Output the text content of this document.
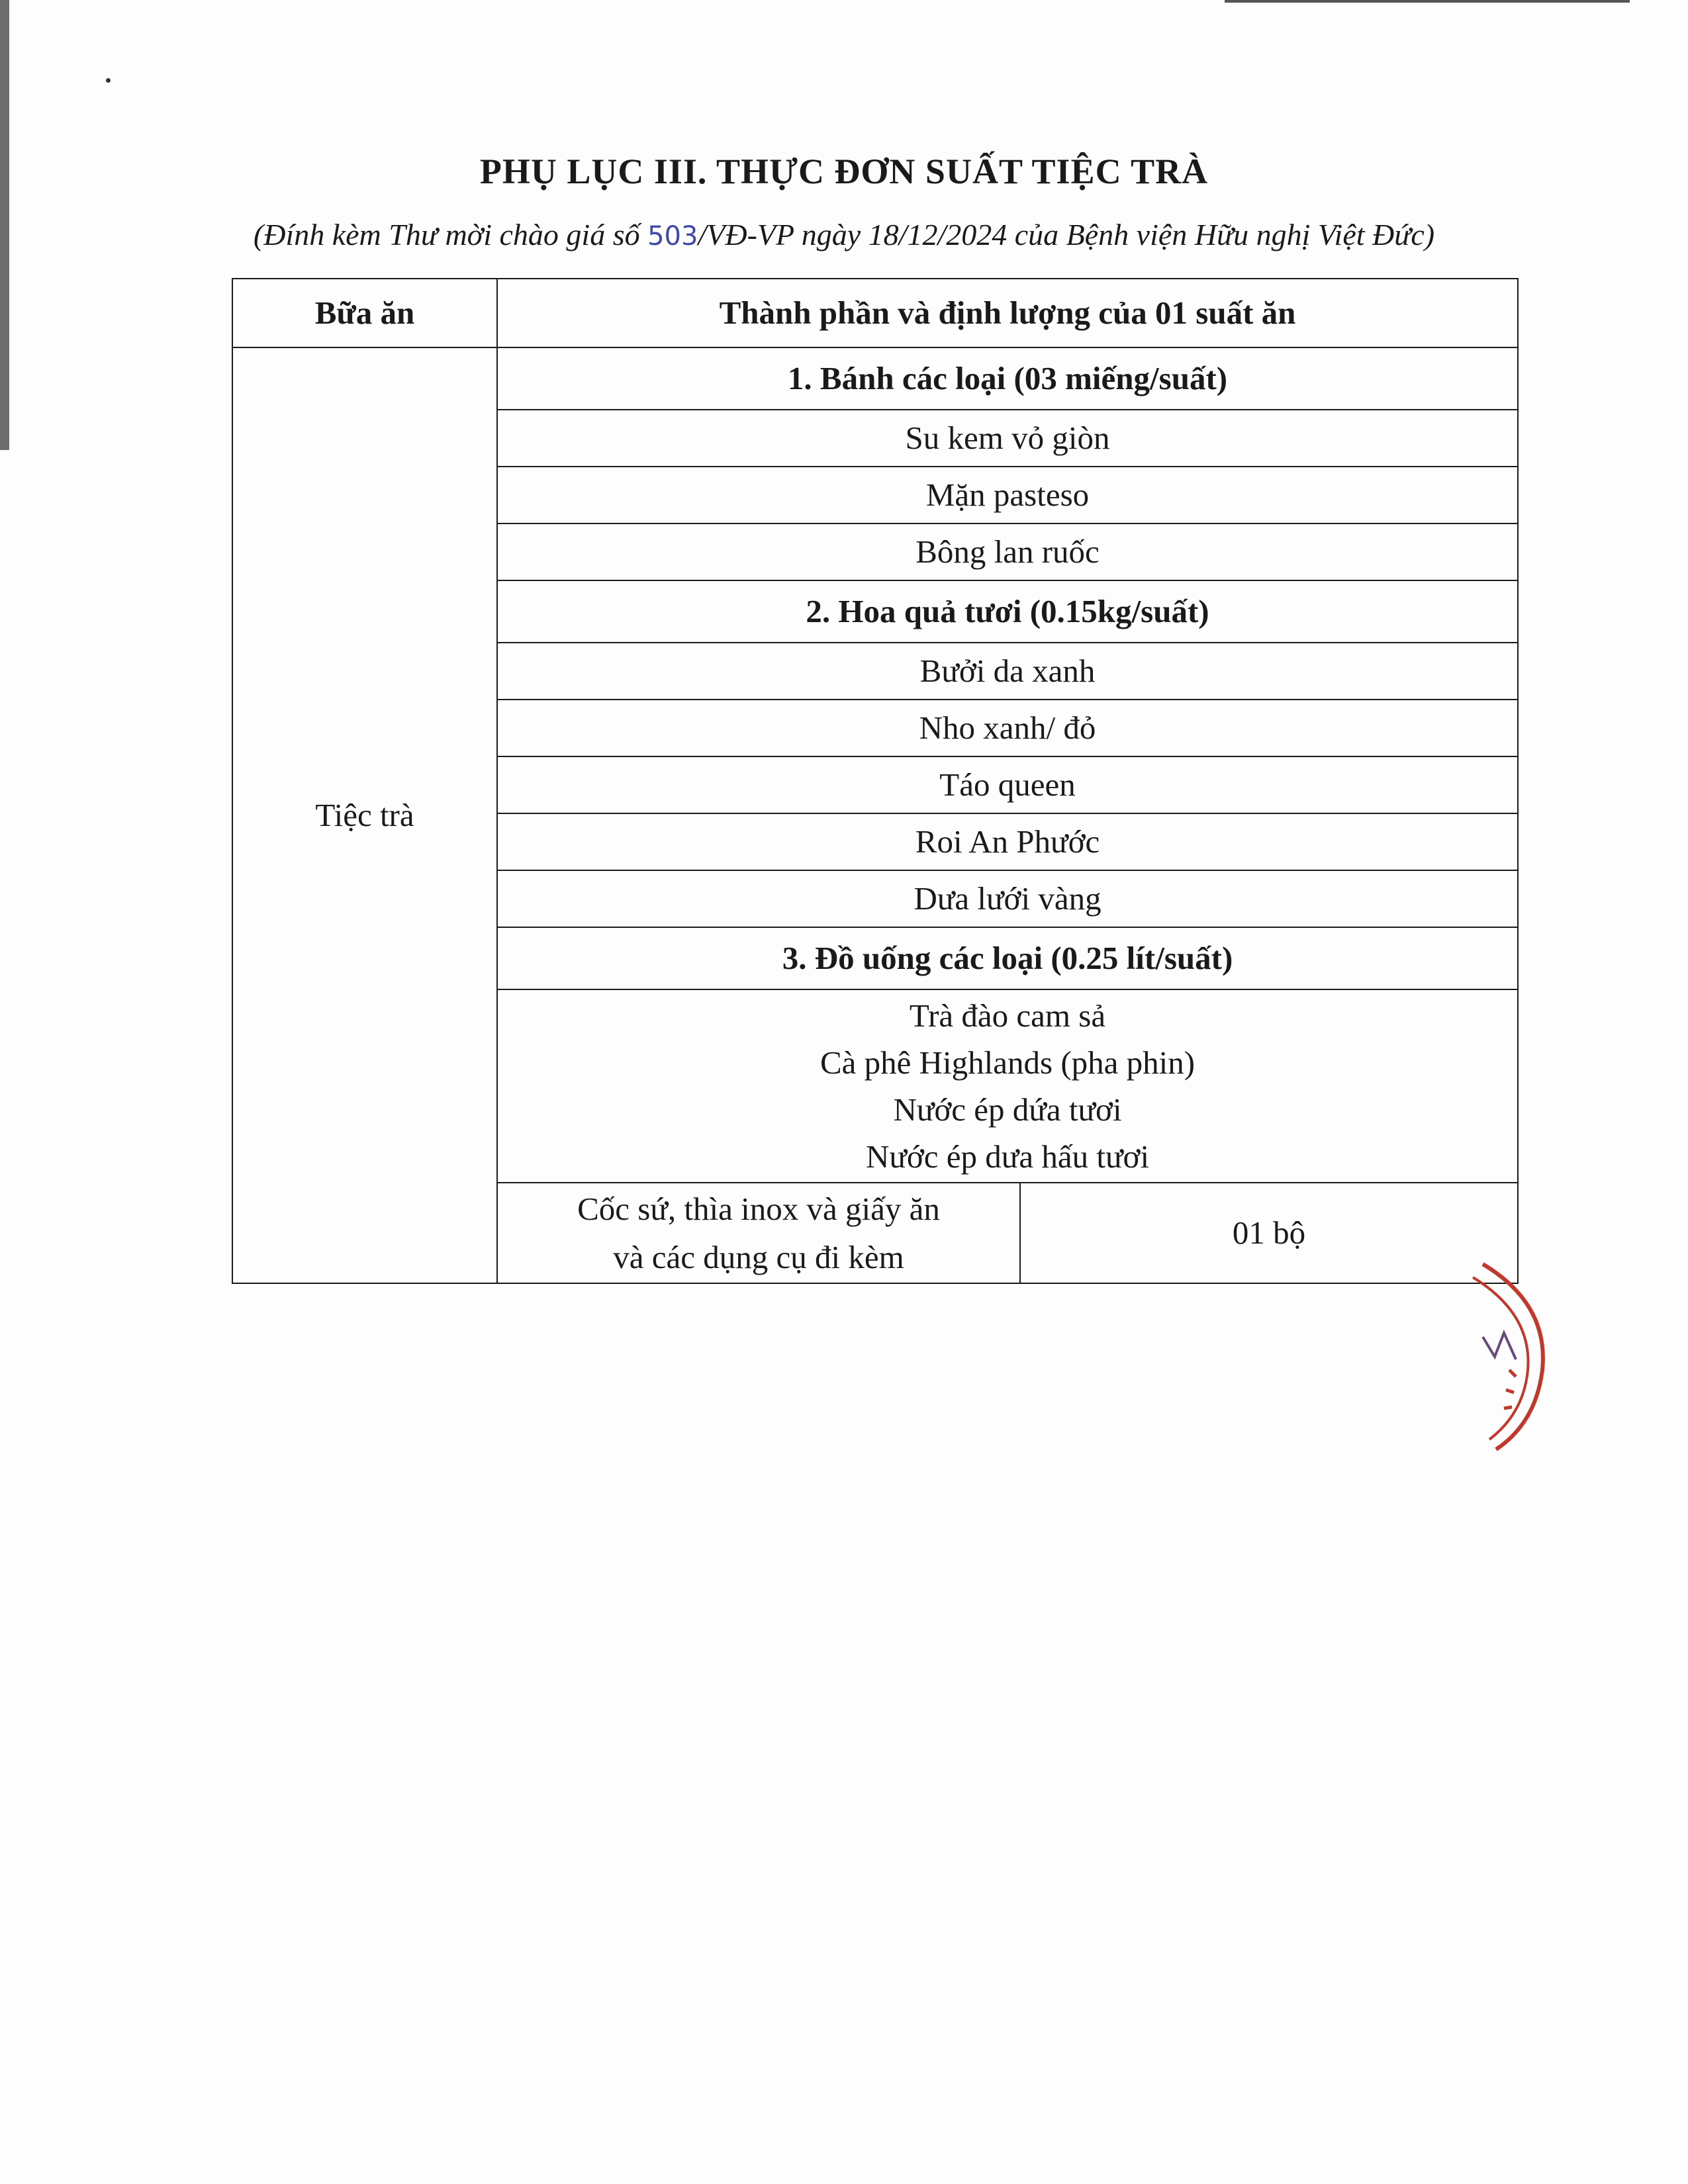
PHỤ LỤC III. THỰC ĐƠN SUẤT TIỆC TRÀ
(Đính kèm Thư mời chào giá số 503/VĐ-VP ngày 18/12/2024 của Bệnh viện Hữu nghị Việt Đức)
Bữa ăn	Thành phần và định lượng của 01 suất ăn	
Tiệc trà	1. Bánh các loại (03 miếng/suất)	
	Su kem vỏ giòn	
	Mặn pasteso	
	Bông lan ruốc	
	2. Hoa quả tươi (0.15kg/suất)	
	Bưởi da xanh	
	Nho xanh/ đỏ	
	Táo queen	
	Roi An Phước	
	Dưa lưới vàng	
	3. Đồ uống các loại (0.25 lít/suất)	

	Trà đào cam sả
Cà phê Highlands (pha phin)
Nước ép dứa tươi
Nước ép dưa hấu tươi	

	Cốc sứ, thìa inox và giấy ăn
và các dụng cụ đi kèm	01 bộ
